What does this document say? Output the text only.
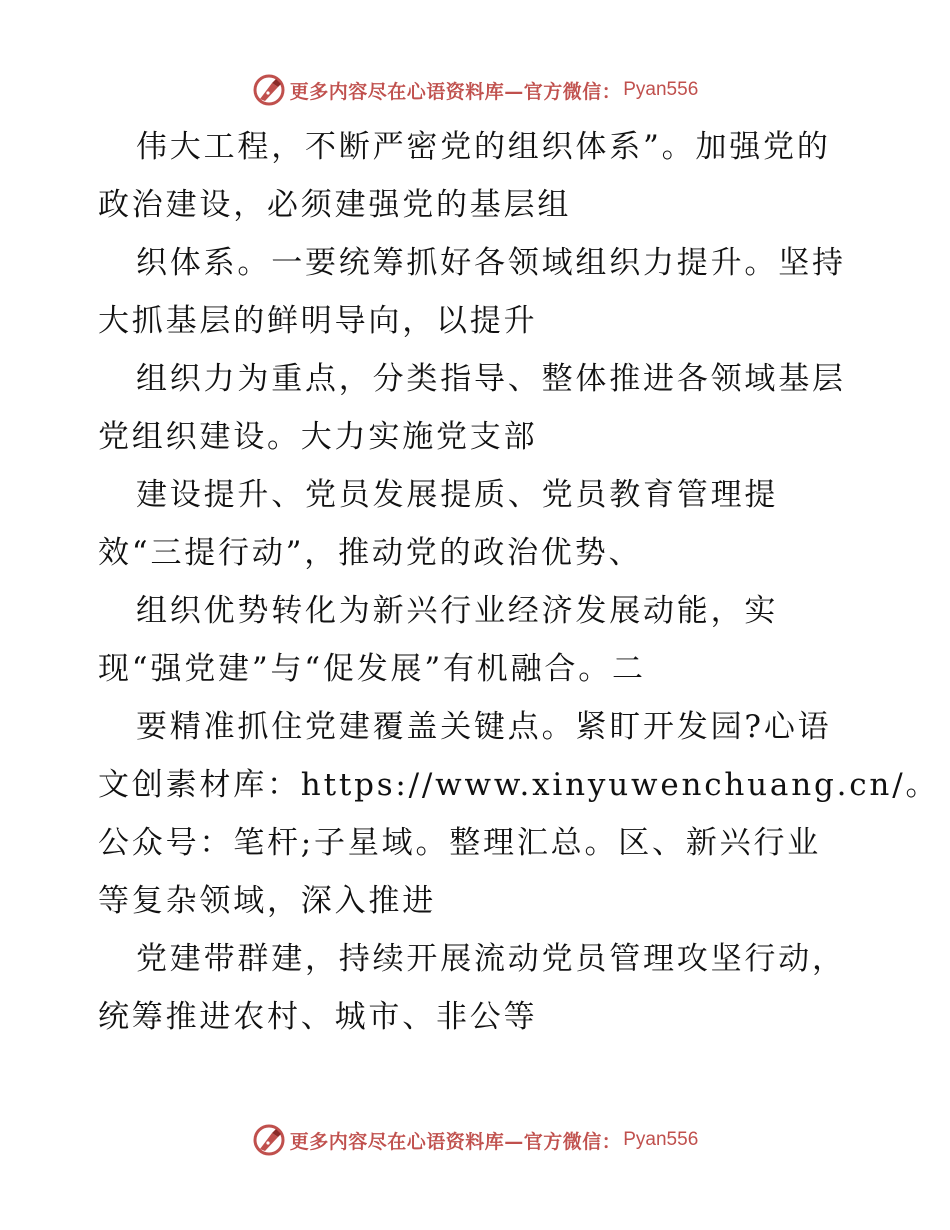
更多内容尽在心语资料库—官方微信： Pyan556
伟大工程，不断严密党的组织体系”。加强党的
政治建设，必须建强党的基层组
织体系。一要统筹抓好各领域组织力提升。坚持
大抓基层的鲜明导向，以提升
组织力为重点，分类指导、整体推进各领域基层
党组织建设。大力实施党支部
建设提升、党员发展提质、党员教育管理提
效“三提行动”，推动党的政治优势、
组织优势转化为新兴行业经济发展动能，实
现“强党建”与“促发展”有机融合。二
要精准抓住党建覆盖关键点。紧盯开发园?心语
文创素材库：https://www.xinyuwenchuang.cn/。
公众号：笔杆;子星域。整理汇总。区、新兴行业
等复杂领域，深入推进
党建带群建，持续开展流动党员管理攻坚行动，
统筹推进农村、城市、非公等
更多内容尽在心语资料库—官方微信： Pyan556
